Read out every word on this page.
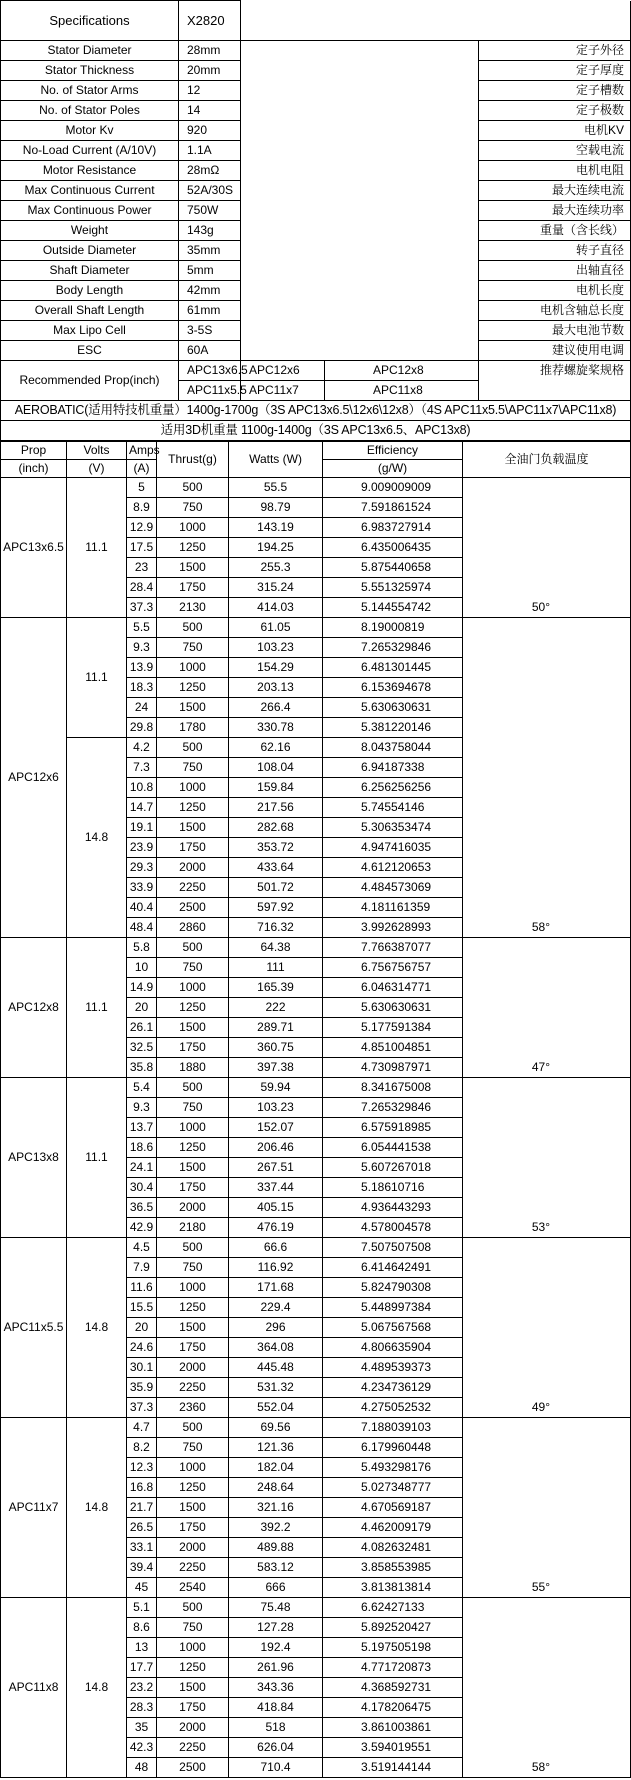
Specifications	X2820			
Stator Diameter	28mm			定子外径
Stator Thickness	20mm			定子厚度
No. of Stator Arms	12			定子槽数
No. of Stator Poles	14			定子极数
Motor Kv	920			电机KV
No-Load Current (A/10V)	1.1A			空载电流
Motor Resistance	28mΩ			电机电阻
Max Continuous Current	52A/30S			最大连续电流
Max Continuous Power	750W			最大连续功率
Weight	143g			重量（含长线）
Outside Diameter	35mm			转子直径
Shaft Diameter	5mm			出轴直径
Body Length	42mm			电机长度
Overall Shaft Length	61mm			电机含轴总长度
Max Lipo Cell	3-5S			最大电池节数
ESC	60A			建议使用电调
Recommended Prop(inch)	APC13x6.5	APC12x6	APC12x8	推荐螺旋桨规格
	APC11x5.5	APC11x7	APC11x8	
AEROBATIC(适用特技机重量）1400g-1700g（3S APC13x6.5\12x6\12x8）（4S APC11x5.5\APC11x7\APC11x8)				
适用3D机重量 1100g-1400g（3S APC13x6.5、APC13x8)				
Prop	Volts	Amps	Thrust(g)	Watts (W)	Efficiency	全油门负载温度
(inch)	(V)	(A)			(g/W)	
APC13x6.5	11.1	5	500	55.5	9.009009009	
		8.9	750	98.79	7.591861524	
		12.9	1000	143.19	6.983727914	
		17.5	1250	194.25	6.435006435	
		23	1500	255.3	5.875440658	
		28.4	1750	315.24	5.551325974	
		37.3	2130	414.03	5.144554742	50°
APC12x6	11.1	5.5	500	61.05	8.19000819	
		9.3	750	103.23	7.265329846	
		13.9	1000	154.29	6.481301445	
		18.3	1250	203.13	6.153694678	
		24	1500	266.4	5.630630631	
		29.8	1780	330.78	5.381220146	
	14.8	4.2	500	62.16	8.043758044	
		7.3	750	108.04	6.94187338	
		10.8	1000	159.84	6.256256256	
		14.7	1250	217.56	5.74554146	
		19.1	1500	282.68	5.306353474	
		23.9	1750	353.72	4.947416035	
		29.3	2000	433.64	4.612120653	
		33.9	2250	501.72	4.484573069	
		40.4	2500	597.92	4.181161359	
		48.4	2860	716.32	3.992628993	58°
APC12x8	11.1	5.8	500	64.38	7.766387077	
		10	750	111	6.756756757	
		14.9	1000	165.39	6.046314771	
		20	1250	222	5.630630631	
		26.1	1500	289.71	5.177591384	
		32.5	1750	360.75	4.851004851	
		35.8	1880	397.38	4.730987971	47°
APC13x8	11.1	5.4	500	59.94	8.341675008	
		9.3	750	103.23	7.265329846	
		13.7	1000	152.07	6.575918985	
		18.6	1250	206.46	6.054441538	
		24.1	1500	267.51	5.607267018	
		30.4	1750	337.44	5.18610716	
		36.5	2000	405.15	4.936443293	
		42.9	2180	476.19	4.578004578	53°
APC11x5.5	14.8	4.5	500	66.6	7.507507508	
		7.9	750	116.92	6.414642491	
		11.6	1000	171.68	5.824790308	
		15.5	1250	229.4	5.448997384	
		20	1500	296	5.067567568	
		24.6	1750	364.08	4.806635904	
		30.1	2000	445.48	4.489539373	
		35.9	2250	531.32	4.234736129	
		37.3	2360	552.04	4.275052532	49°
APC11x7	14.8	4.7	500	69.56	7.188039103	
		8.2	750	121.36	6.179960448	
		12.3	1000	182.04	5.493298176	
		16.8	1250	248.64	5.027348777	
		21.7	1500	321.16	4.670569187	
		26.5	1750	392.2	4.462009179	
		33.1	2000	489.88	4.082632481	
		39.4	2250	583.12	3.858553985	
		45	2540	666	3.813813814	55°
APC11x8	14.8	5.1	500	75.48	6.62427133	
		8.6	750	127.28	5.892520427	
		13	1000	192.4	5.197505198	
		17.7	1250	261.96	4.771720873	
		23.2	1500	343.36	4.368592731	
		28.3	1750	418.84	4.178206475	
		35	2000	518	3.861003861	
		42.3	2250	626.04	3.594019551	
		48	2500	710.4	3.519144144	58°
